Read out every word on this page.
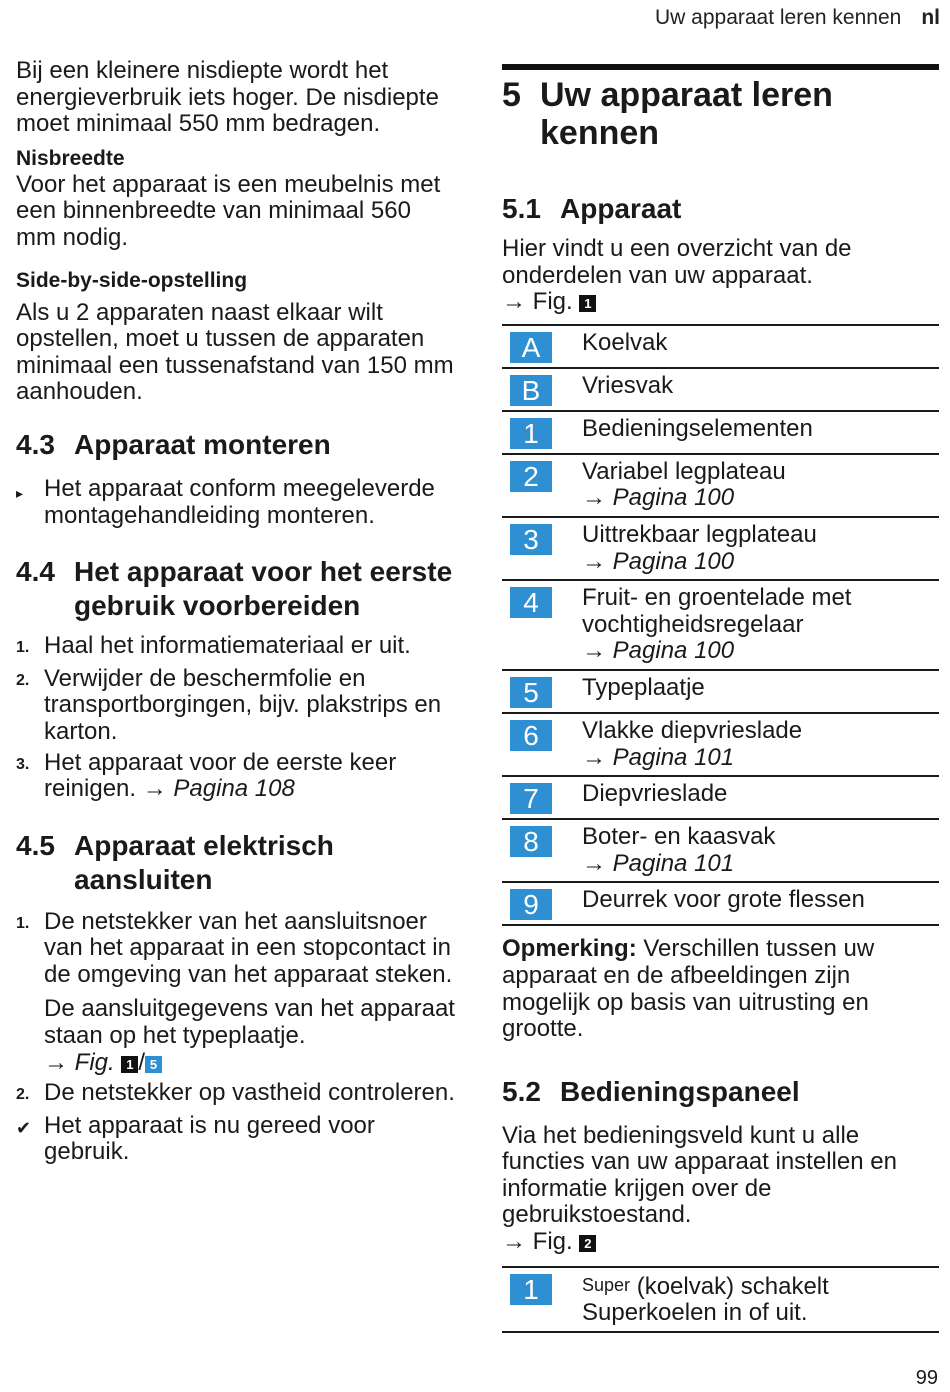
Uw apparaat leren kennen nl

Bij een kleinere nisdiepte wordt het energieverbruik iets hoger. De nisdiepte moet minimaal 550 mm bedragen.

Nisbreedte

Voor het apparaat is een meubelnis met een binnenbreedte van minimaal 560 mm nodig.

Side-by-side-opstelling

Als u 2 apparaten naast elkaar wilt opstellen, moet u tussen de apparaten minimaal een tussenafstand van 150 mm aanhouden.

4.3 Apparaat monteren
▸ Het apparaat conform meegeleverde montagehandleiding monteren.
4.4 Het apparaat voor het eerste gebruik voorbereiden
1. Haal het informatiemateriaal er uit.
2. Verwijder de beschermfolie en transportborgingen, bijv. plakstrips en karton.
3. Het apparaat voor de eerste keer reinigen. → Pagina 108
4.5 Apparaat elektrisch aansluiten
1. De netstekker van het aansluitsnoer van het apparaat in een stopcontact in de omgeving van het apparaat steken.
De aansluitgegevens van het apparaat staan op het typeplaatje.
→ Fig. 1 / 5
2. De netstekker op vastheid controleren.
✔ Het apparaat is nu gereed voor gebruik.
5 Uw apparaat leren kennen
5.1 Apparaat

Hier vindt u een overzicht van de onderdelen van uw apparaat.

→ Fig. 1

A	Koelvak
B	Vriesvak
1	Bedieningselementen
2	Variabel legplateau
→ Pagina 100
3	Uittrekbaar legplateau
→ Pagina 100
4	Fruit- en groentelade met vochtigheidsregelaar
→ Pagina 100
5	Typeplaatje
6	Vlakke diepvrieslade
→ Pagina 101
7	Diepvrieslade
8	Boter- en kaasvak
→ Pagina 101
9	Deurrek voor grote flessen

Opmerking: Verschillen tussen uw apparaat en de afbeeldingen zijn mogelijk op basis van uitrusting en grootte.

5.2 Bedieningspaneel

Via het bedieningsveld kunt u alle functies van uw apparaat instellen en informatie krijgen over de gebruikstoestand.

→ Fig. 2

1	Super (koelvak) schakelt Superkoelen in of uit.
99
